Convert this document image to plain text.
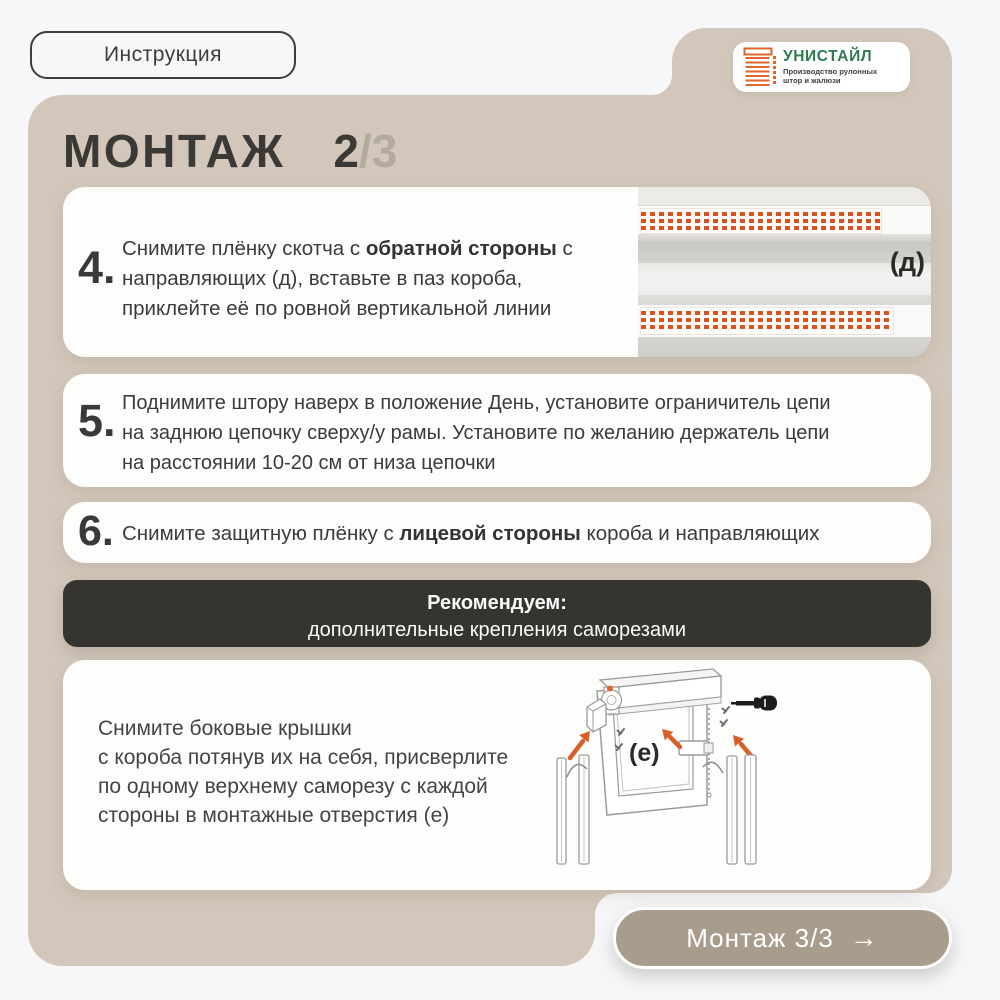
Инструкция	УНИСТАЙЛ
Производство рулонных
штор и жалюзи
МОНТАЖ 2 /3
4. Снимите плёнку скотча с обратной стороны с
направляющих (д), вставьте в паз короба,
приклейте её по ровной вертикальной линии
(д)
5. Поднимите штору наверх в положение День, установите ограничитель цепи
на заднюю цепочку сверху/у рамы. Установите по желанию держатель цепи
на расстоянии 10-20 см от низа цепочки
6. Снимите защитную плёнку с лицевой стороны короба и направляющих
Рекомендуем:
дополнительные крепления саморезами
Снимите боковые крышки
с короба потянув их на себя, присверлите
по одному верхнему саморезу с каждой
стороны в монтажные отверстия (е)
(е)
Монтаж 3/3 →
